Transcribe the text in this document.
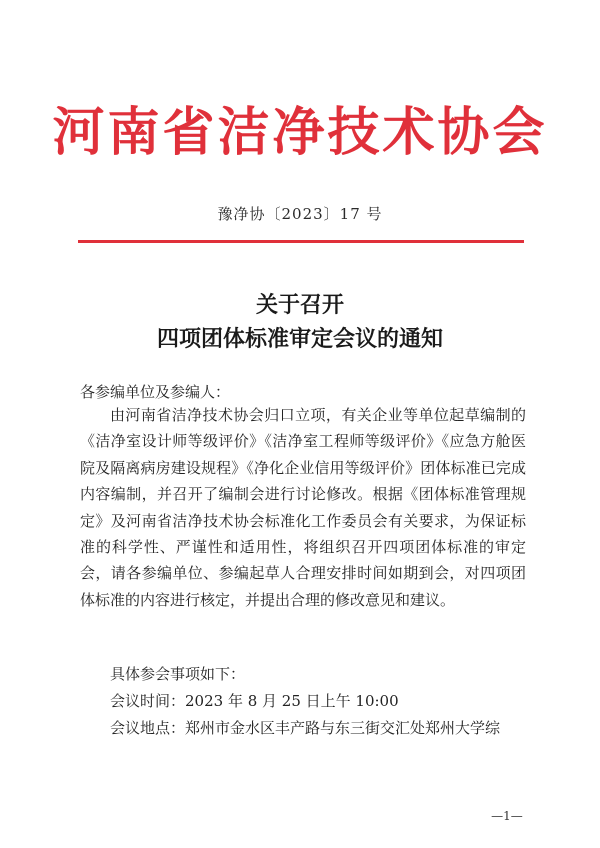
河南省洁净技术协会
豫净协〔2023〕17 号
关于召开
四项团体标准审定会议的通知
各参编单位及参编人：

由河南省洁净技术协会归口立项，有关企业等单位起草编制的《洁净室设计师等级评价》《洁净室工程师等级评价》《应急方舱医院及隔离病房建设规程》《净化企业信用等级评价》团体标准已完成内容编制，并召开了编制会进行讨论修改。根据《团体标准管理规定》及河南省洁净技术协会标准化工作委员会有关要求，为保证标准的科学性、严谨性和适用性，将组织召开四项团体标准的审定会，请各参编单位、参编起草人合理安排时间如期到会，对四项团体标准的内容进行核定，并提出合理的修改意见和建议。

具体参会事项如下：
会议时间：2023 年 8 月 25 日上午 10:00
会议地点：郑州市金水区丰产路与东三街交汇处郑州大学综
—1—
